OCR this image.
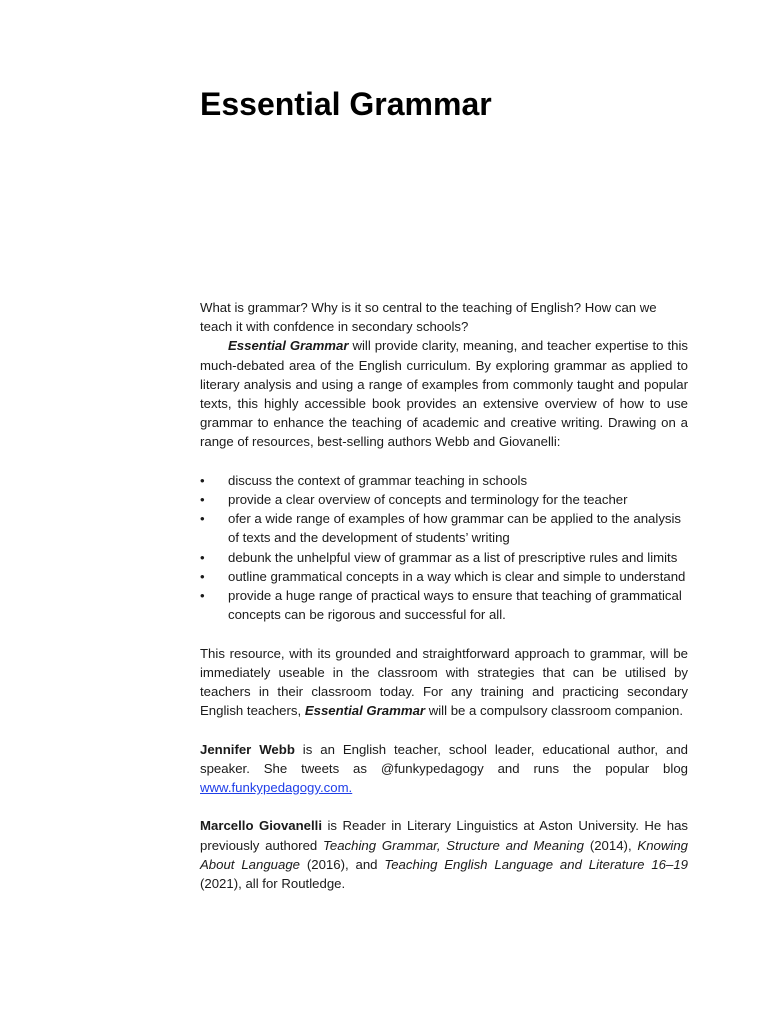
Essential Grammar

What is grammar? Why is it so central to the teaching of English? How can we teach it with confdence in secondary schools?

Essential Grammar will provide clarity, meaning, and teacher expertise to this much-debated area of the English curriculum. By exploring grammar as applied to literary analysis and using a range of examples from commonly taught and popular texts, this highly accessible book provides an extensive overview of how to use grammar to enhance the teaching of academic and creative writing. Drawing on a range of resources, best-selling authors Webb and Giovanelli:

• discuss the context of grammar teaching in schools
• provide a clear overview of concepts and terminology for the teacher
• ofer a wide range of examples of how grammar can be applied to the analysis of texts and the development of students’ writing
• debunk the unhelpful view of grammar as a list of prescriptive rules and limits
• outline grammatical concepts in a way which is clear and simple to understand
• provide a huge range of practical ways to ensure that teaching of grammatical concepts can be rigorous and successful for all.

This resource, with its grounded and straightforward approach to grammar, will be immediately useable in the classroom with strategies that can be utilised by teachers in their classroom today. For any training and practicing secondary English teachers, Essential Grammar will be a compulsory classroom companion.

Jennifer Webb is an English teacher, school leader, educational author, and speaker. She tweets as @funkypedagogy and runs the popular blog www.funkypedagogy.com.

Marcello Giovanelli is Reader in Literary Linguistics at Aston University. He has previously authored Teaching Grammar, Structure and Meaning (2014), Knowing About Language (2016), and Teaching English Language and Literature 16–19 (2021), all for Routledge.
